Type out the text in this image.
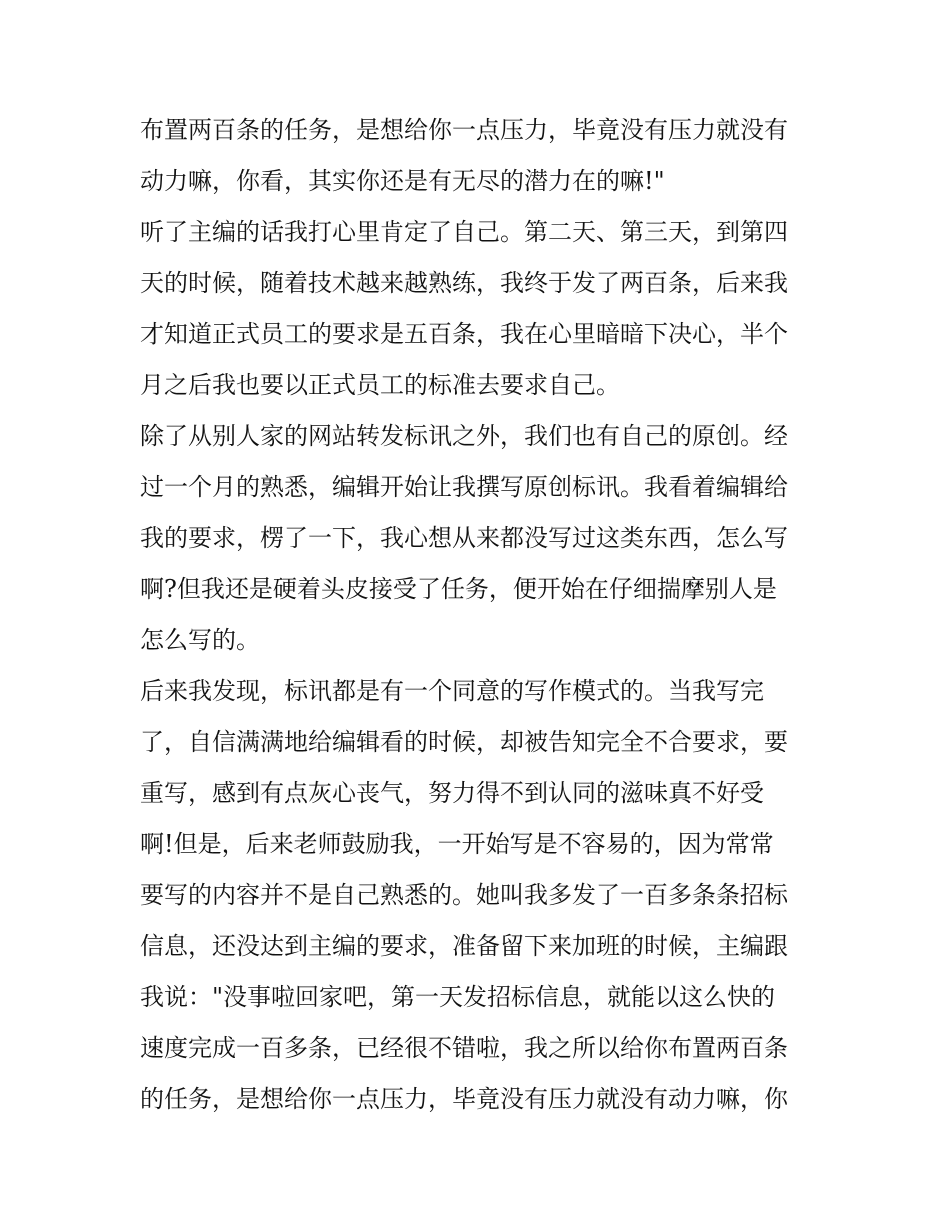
布置两百条的任务，是想给你一点压力，毕竟没有压力就没有
动力嘛，你看，其实你还是有无尽的潜力在的嘛!"
听了主编的话我打心里肯定了自己。第二天、第三天，到第四
天的时候，随着技术越来越熟练，我终于发了两百条，后来我
才知道正式员工的要求是五百条，我在心里暗暗下决心，半个
月之后我也要以正式员工的标准去要求自己。
除了从别人家的网站转发标讯之外，我们也有自己的原创。经
过一个月的熟悉，编辑开始让我撰写原创标讯。我看着编辑给
我的要求，楞了一下，我心想从来都没写过这类东西，怎么写
啊?但我还是硬着头皮接受了任务，便开始在仔细揣摩别人是
怎么写的。
后来我发现，标讯都是有一个同意的写作模式的。当我写完
了，自信满满地给编辑看的时候，却被告知完全不合要求，要
重写，感到有点灰心丧气，努力得不到认同的滋味真不好受
啊!但是，后来老师鼓励我，一开始写是不容易的，因为常常
要写的内容并不是自己熟悉的。她叫我多发了一百多条条招标
信息，还没达到主编的要求，准备留下来加班的时候，主编跟
我说："没事啦回家吧，第一天发招标信息，就能以这么快的
速度完成一百多条，已经很不错啦，我之所以给你布置两百条
的任务，是想给你一点压力，毕竟没有压力就没有动力嘛，你
